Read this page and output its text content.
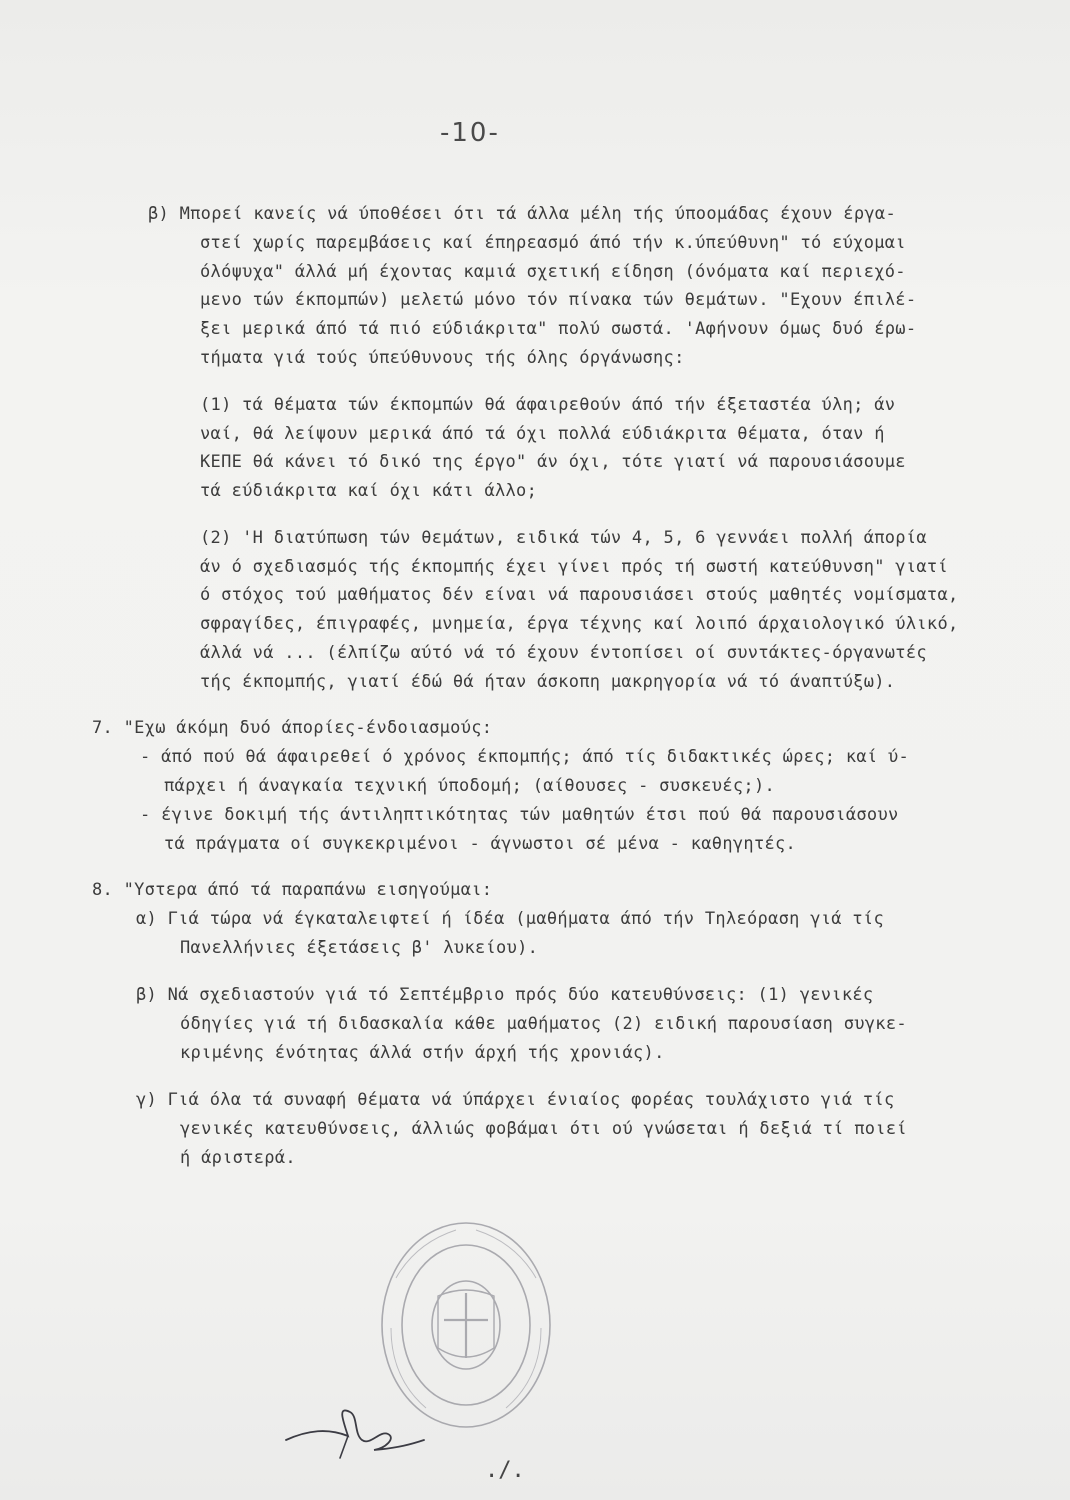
-10-
β) Μπορεί κανείς νά ύποθέσει ότι τά άλλα μέλη τής ύποομάδας έχουν έργα-
στεί χωρίς παρεμβάσεις καί έπηρεασμό άπό τήν κ.ύπεύθυνη" τό εύχομαι
όλόψυχα" άλλά μή έχοντας καμιά σχετική είδηση (όνόματα καί περιεχό-
μενο τών έκπομπών) μελετώ μόνο τόν πίνακα τών θεμάτων. "Εχουν έπιλέ-
ξει μερικά άπό τά πιό εύδιάκριτα" πολύ σωστά. 'Αφήνουν όμως δυό έρω-
τήματα γιά τούς ύπεύθυνους τής όλης όργάνωσης:
(1) τά θέματα τών έκπομπών θά άφαιρεθούν άπό τήν έξεταστέα ύλη; άν
ναί, θά λείψουν μερικά άπό τά όχι πολλά εύδιάκριτα θέματα, όταν ή
ΚΕΠΕ θά κάνει τό δικό της έργο" άν όχι, τότε γιατί νά παρουσιάσουμε
τά εύδιάκριτα καί όχι κάτι άλλο;
(2) 'Η διατύπωση τών θεμάτων, ειδικά τών 4, 5, 6 γεννάει πολλή άπορία
άν ό σχεδιασμός τής έκπομπής έχει γίνει πρός τή σωστή κατεύθυνση" γιατί
ό στόχος τού μαθήματος δέν είναι νά παρουσιάσει στούς μαθητές νομίσματα,
σφραγίδες, έπιγραφές, μνημεία, έργα τέχνης καί λοιπό άρχαιολογικό ύλικό,
άλλά νά ... (έλπίζω αύτό νά τό έχουν έντοπίσει οί συντάκτες-όργανωτές
τής έκπομπής, γιατί έδώ θά ήταν άσκοπη μακρηγορία νά τό άναπτύξω).
7. "Εχω άκόμη δυό άπορίες-ένδοιασμούς:
- άπό πού θά άφαιρεθεί ό χρόνος έκπομπής; άπό τίς διδακτικές ώρες; καί ύ-
πάρχει ή άναγκαία τεχνική ύποδομή; (αίθουσες - συσκευές;).
- έγινε δοκιμή τής άντιληπτικότητας τών μαθητών έτσι πού θά παρουσιάσουν
τά πράγματα οί συγκεκριμένοι - άγνωστοι σέ μένα - καθηγητές.
8. "Υστερα άπό τά παραπάνω εισηγούμαι:
α) Γιά τώρα νά έγκαταλειφτεί ή ίδέα (μαθήματα άπό τήν Τηλεόραση γιά τίς
Πανελλήνιες έξετάσεις β' λυκείου).
β) Νά σχεδιαστούν γιά τό Σεπτέμβριο πρός δύο κατευθύνσεις: (1) γενικές
όδηγίες γιά τή διδασκαλία κάθε μαθήματος (2) ειδική παρουσίαση συγκε-
κριμένης ένότητας άλλά στήν άρχή τής χρονιάς).
γ) Γιά όλα τά συναφή θέματα νά ύπάρχει ένιαίος φορέας τουλάχιστο γιά τίς
γενικές κατευθύνσεις, άλλιώς φοβάμαι ότι ού γνώσεται ή δεξιά τί ποιεί
ή άριστερά.
./.
